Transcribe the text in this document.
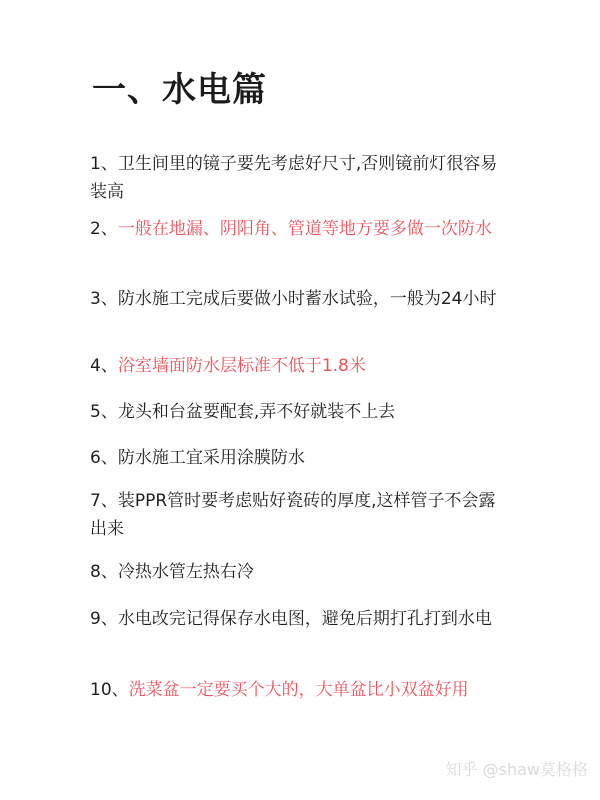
一、水电篇
1、卫生间里的镜子要先考虑好尺寸,否则镜前灯很容易装高
2、一般在地漏、阴阳角、管道等地方要多做一次防水
3、防水施工完成后要做小时蓄水试验，一般为24小时
4、浴室墙面防水层标准不低于1.8米
5、龙头和台盆要配套,弄不好就装不上去
6、防水施工宜采用涂膜防水
7、装PPR管时要考虑贴好瓷砖的厚度,这样管子不会露出来
8、冷热水管左热右冷
9、水电改完记得保存水电图，避免后期打孔打到水电
10、洗菜盆一定要买个大的，大单盆比小双盆好用
知乎 @shaw莫格格
